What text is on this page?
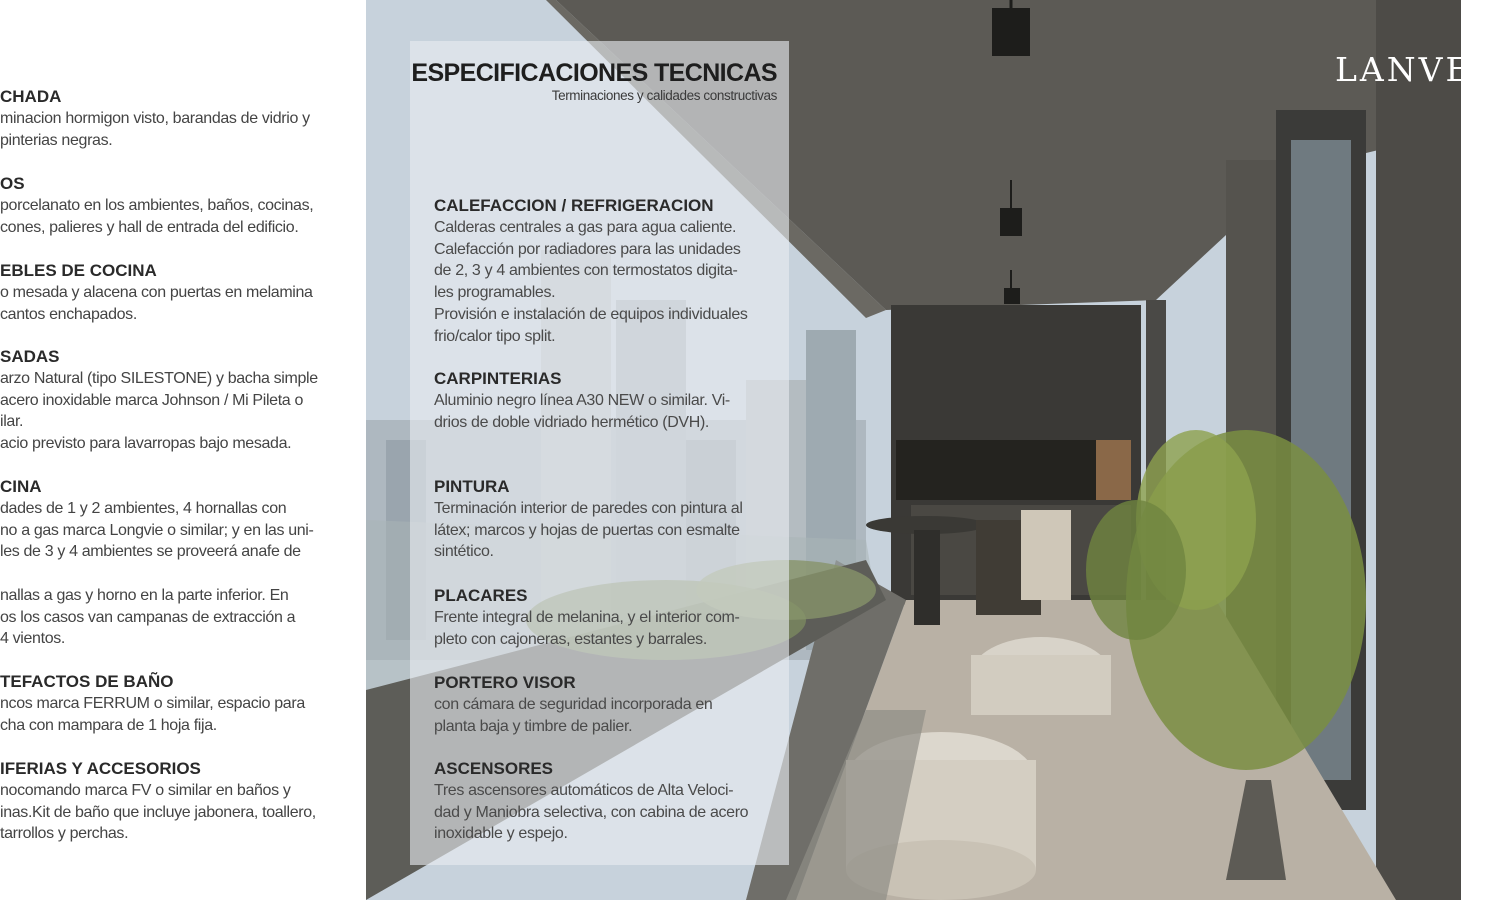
CHADA
minacion hormigon visto, barandas de vidrio y
pinterias negras.
OS
porcelanato en los ambientes, baños, cocinas,
cones, palieres y hall de entrada del edificio.
EBLES DE COCINA
o mesada y alacena con puertas en melamina
cantos enchapados.
SADAS
arzo Natural (tipo SILESTONE) y bacha simple
acero inoxidable marca Johnson / Mi Pileta o
ilar.
acio previsto para lavarropas bajo mesada.
CINA
dades de 1 y 2 ambientes, 4 hornallas con
no a gas marca Longvie o similar; y en las uni-
les de 3 y 4 ambientes se proveerá anafe de
nallas a gas y horno en la parte inferior. En
os los casos van campanas de extracción a
4 vientos.
TEFACTOS DE BAÑO
ncos marca FERRUM o similar, espacio para
cha con mampara de 1 hoja fija.
IFERIAS Y ACCESORIOS
nocomando marca FV o similar en baños y
inas.Kit de baño que incluye jabonera, toallero,
tarrollos y perchas.
LANVEN
ESPECIFICACIONES TECNICAS
Terminaciones y calidades constructivas
CALEFACCION / REFRIGERACION
Calderas centrales a gas para agua caliente.
Calefacción por radiadores para las unidades
de 2, 3 y 4 ambientes con termostatos digita-
les programables.
Provisión e instalación de equipos individuales
frio/calor tipo split.
CARPINTERIAS
Aluminio negro línea A30 NEW o similar. Vi-
drios de doble vidriado hermético (DVH).
PINTURA
Terminación interior de paredes con pintura al
látex; marcos y hojas de puertas con esmalte
sintético.
PLACARES
Frente integral de melanina, y el interior com-
pleto con cajoneras, estantes y barrales.
PORTERO VISOR
con cámara de seguridad incorporada en
planta baja y timbre de palier.
ASCENSORES
Tres ascensores automáticos de Alta Veloci-
dad y Maniobra selectiva, con cabina de acero
inoxidable y espejo.
